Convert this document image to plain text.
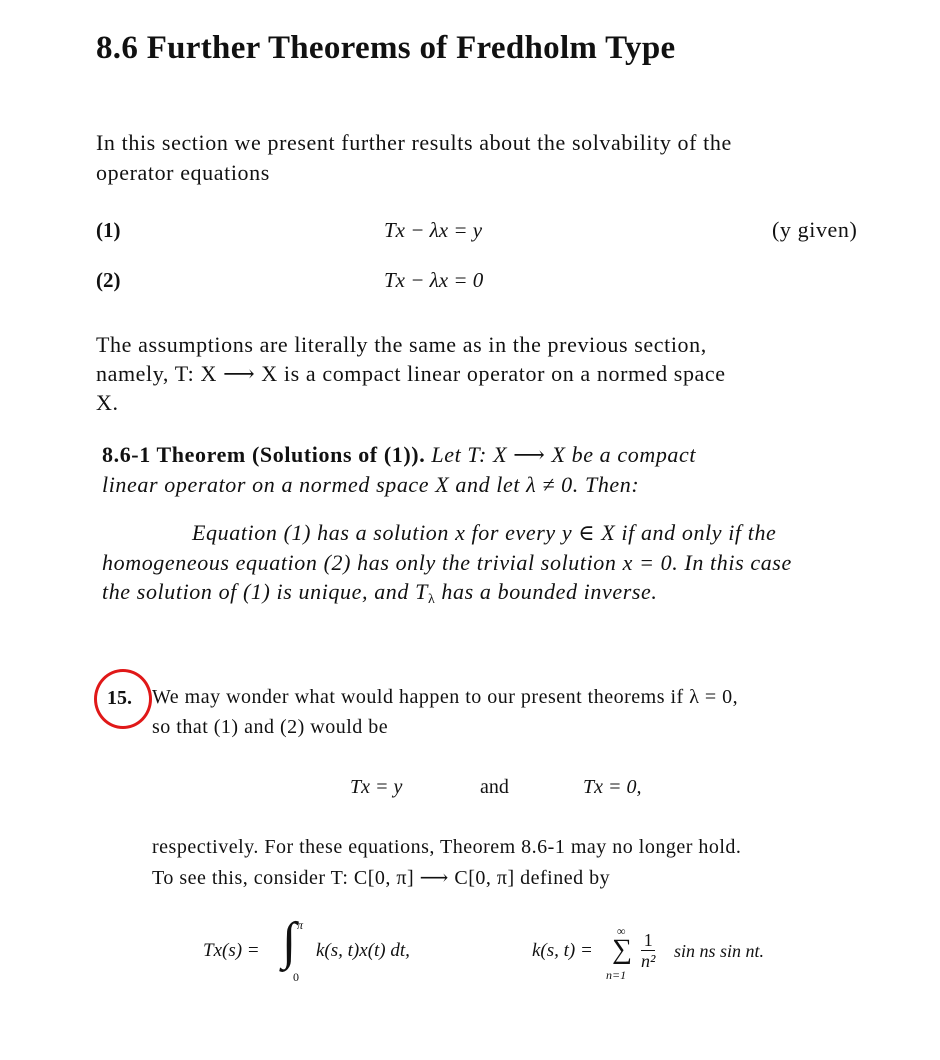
8.6 Further Theorems of Fredholm Type
In this section we present further results about the solvability of the
operator equations
(1)	Tx − λx = y	(y given)
(2)	Tx − λx = 0
The assumptions are literally the same as in the previous section,
namely, T: X ⟶ X is a compact linear operator on a normed space
X.
8.6-1 Theorem (Solutions of (1)). Let T: X ⟶ X be a compact
linear operator on a normed space X and let λ ≠ 0. Then:
Equation (1) has a solution x for every y ∈ X if and only if the
homogeneous equation (2) has only the trivial solution x = 0. In this case
the solution of (1) is unique, and $T_\lambda$ has a bounded inverse.
15. We may wonder what would happen to our present theorems if λ = 0,
so that (1) and (2) would be
Tx = y	and	Tx = 0,
respectively. For these equations, Theorem 8.6-1 may no longer hold.
To see this, consider T: C[0, π] ⟶ C[0, π] defined by
Tx(s) = ∫ π
0
k(s, t)x(t) dt,	k(s, t) =
∞
∑
n=1
$\frac{1}{\text{n²}}$ sin ns sin nt.
